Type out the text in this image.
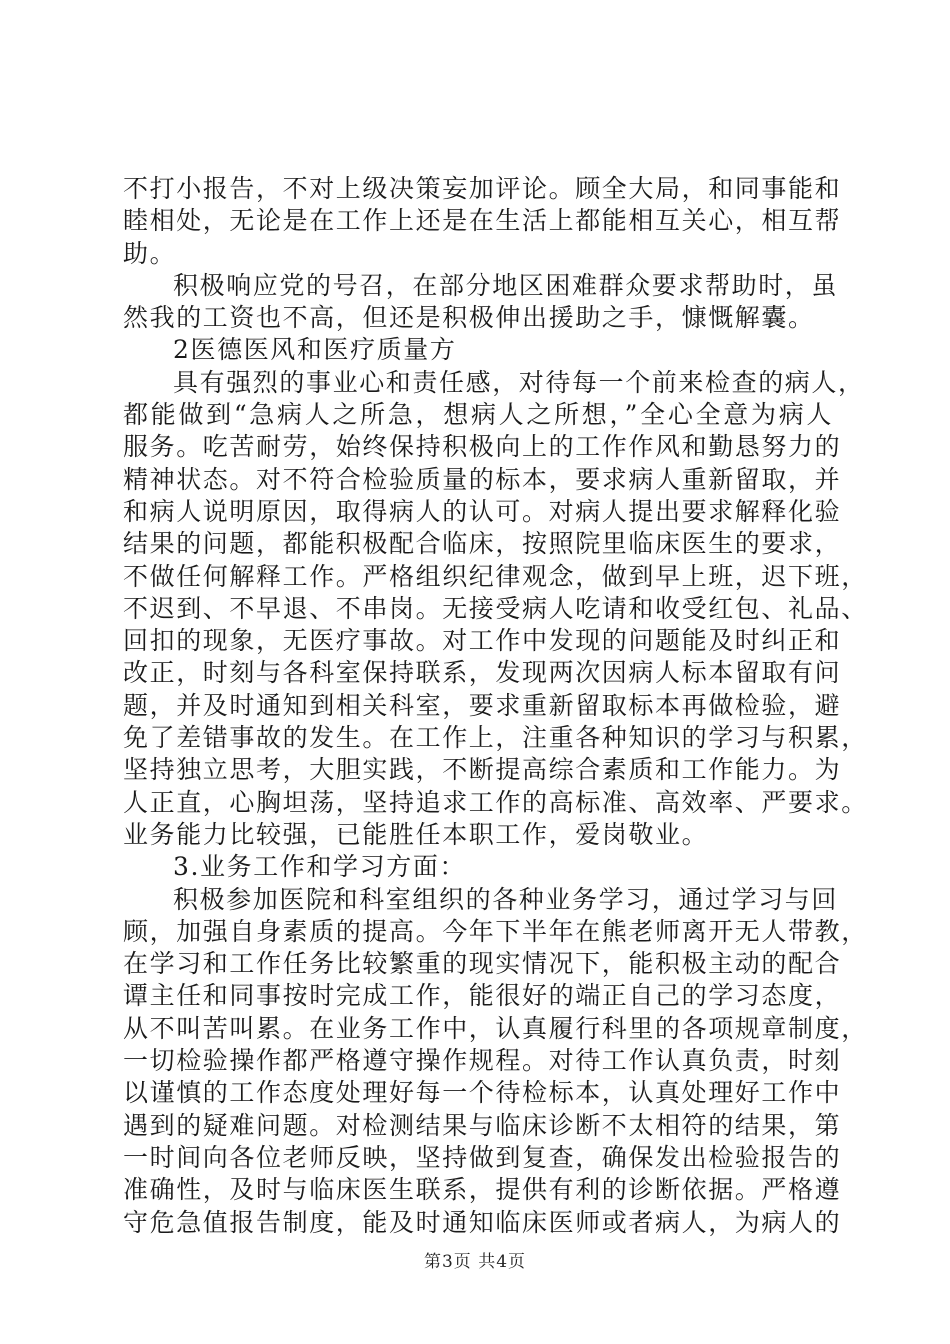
不打小报告，不对上级决策妄加评论。顾全大局，和同事能和
睦相处，无论是在工作上还是在生活上都能相互关心，相互帮
助。
积极响应党的号召，在部分地区困难群众要求帮助时，虽
然我的工资也不高，但还是积极伸出援助之手，慷慨解囊。
2医德医风和医疗质量方
具有强烈的事业心和责任感，对待每一个前来检查的病人，
都能做到“急病人之所急，想病人之所想，”全心全意为病人
服务。吃苦耐劳，始终保持积极向上的工作作风和勤恳努力的
精神状态。对不符合检验质量的标本，要求病人重新留取，并
和病人说明原因，取得病人的认可。对病人提出要求解释化验
结果的问题，都能积极配合临床，按照院里临床医生的要求，
不做任何解释工作。严格组织纪律观念，做到早上班，迟下班，
不迟到、不早退、不串岗。无接受病人吃请和收受红包、礼品、
回扣的现象，无医疗事故。对工作中发现的问题能及时纠正和
改正，时刻与各科室保持联系，发现两次因病人标本留取有问
题，并及时通知到相关科室，要求重新留取标本再做检验，避
免了差错事故的发生。在工作上，注重各种知识的学习与积累，
坚持独立思考，大胆实践，不断提高综合素质和工作能力。为
人正直，心胸坦荡，坚持追求工作的高标准、高效率、严要求。
业务能力比较强，已能胜任本职工作，爱岗敬业。
3.业务工作和学习方面：
积极参加医院和科室组织的各种业务学习，通过学习与回
顾，加强自身素质的提高。今年下半年在熊老师离开无人带教，
在学习和工作任务比较繁重的现实情况下，能积极主动的配合
谭主任和同事按时完成工作，能很好的端正自己的学习态度，
从不叫苦叫累。在业务工作中，认真履行科里的各项规章制度，
一切检验操作都严格遵守操作规程。对待工作认真负责，时刻
以谨慎的工作态度处理好每一个待检标本，认真处理好工作中
遇到的疑难问题。对检测结果与临床诊断不太相符的结果，第
一时间向各位老师反映，坚持做到复查，确保发出检验报告的
准确性，及时与临床医生联系，提供有利的诊断依据。严格遵
守危急值报告制度，能及时通知临床医师或者病人，为病人的
第3页 共4页
